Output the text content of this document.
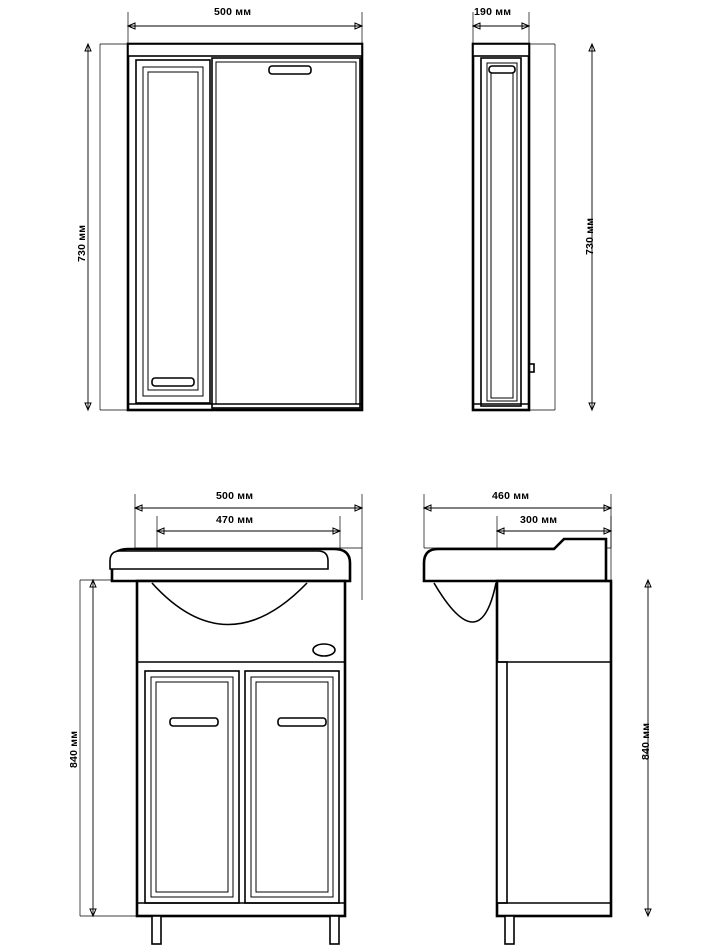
500 мм
730 мм
190 мм
730 мм
500 мм
470 мм
840 мм
460 мм
300 мм
840 мм
